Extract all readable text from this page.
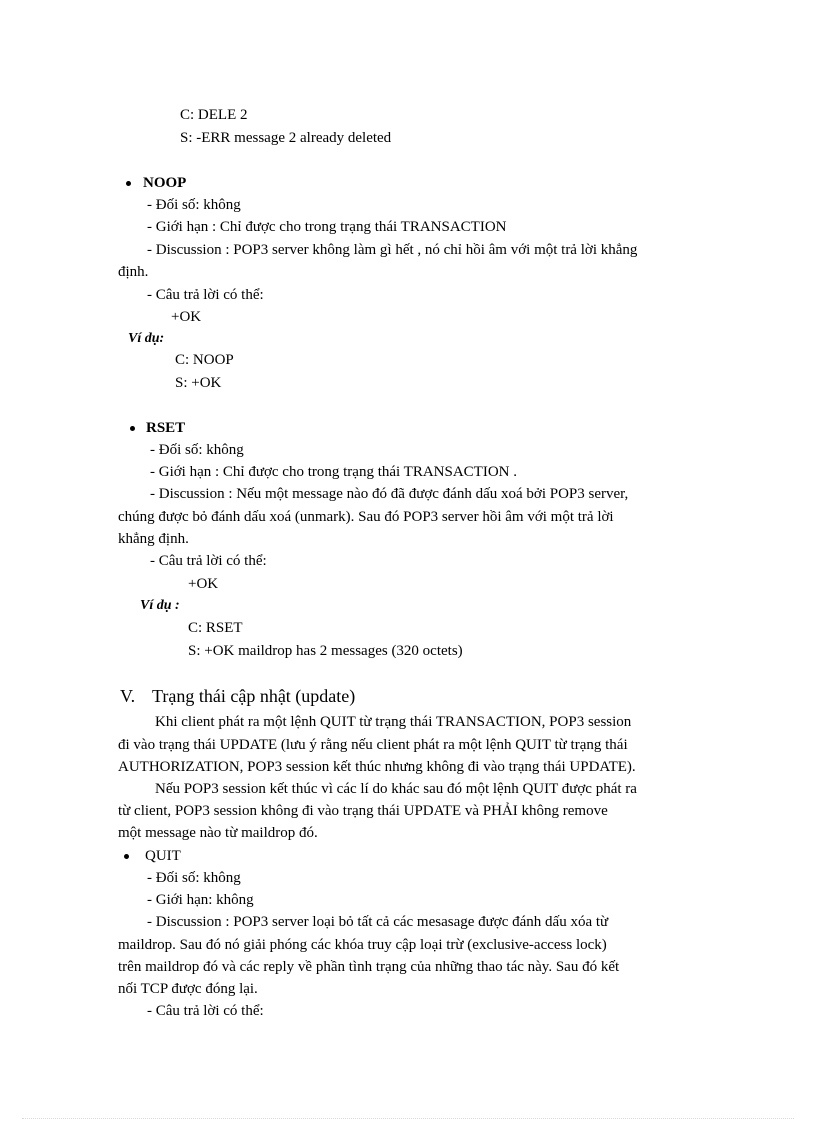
C: DELE 2
S: -ERR message 2 already deleted
NOOP
- Đối số: không
- Giới hạn : Chỉ được cho trong trạng thái TRANSACTION
- Discussion : POP3 server không làm gì hết , nó chỉ hồi âm với một trả lời khẳng
định.
- Câu trả lời có thể:
+OK
Ví dụ:
C: NOOP
S: +OK
RSET
- Đối số: không
- Giới hạn : Chỉ được cho trong trạng thái TRANSACTION .
- Discussion : Nếu một message nào đó đã được đánh dấu xoá bởi POP3 server,
chúng được bỏ đánh dấu xoá (unmark). Sau đó POP3 server hồi âm với một trả lời
khẳng định.
- Câu trả lời có thể:
+OK
Ví dụ :
C: RSET
S: +OK maildrop has 2 messages (320 octets)
V. Trạng thái cập nhật (update)
Khi client phát ra một lệnh QUIT từ trạng thái TRANSACTION, POP3 session
đi vào trạng thái UPDATE (lưu ý rằng nếu client phát ra một lệnh QUIT từ trạng thái
AUTHORIZATION, POP3 session kết thúc nhưng không đi vào trạng thái UPDATE).
Nếu POP3 session kết thúc vì các lí do khác sau đó một lệnh QUIT được phát ra
từ client, POP3 session không đi vào trạng thái UPDATE và PHẢI không remove
một message nào từ maildrop đó.
QUIT
- Đối số: không
- Giới hạn: không
- Discussion : POP3 server loại bỏ tất cả các mesasage được đánh dấu xóa từ
maildrop. Sau đó nó giải phóng các khóa truy cập loại trừ (exclusive-access lock)
trên maildrop đó và các reply về phần tình trạng của những thao tác này. Sau đó kết
nối TCP được đóng lại.
- Câu trả lời có thể:
